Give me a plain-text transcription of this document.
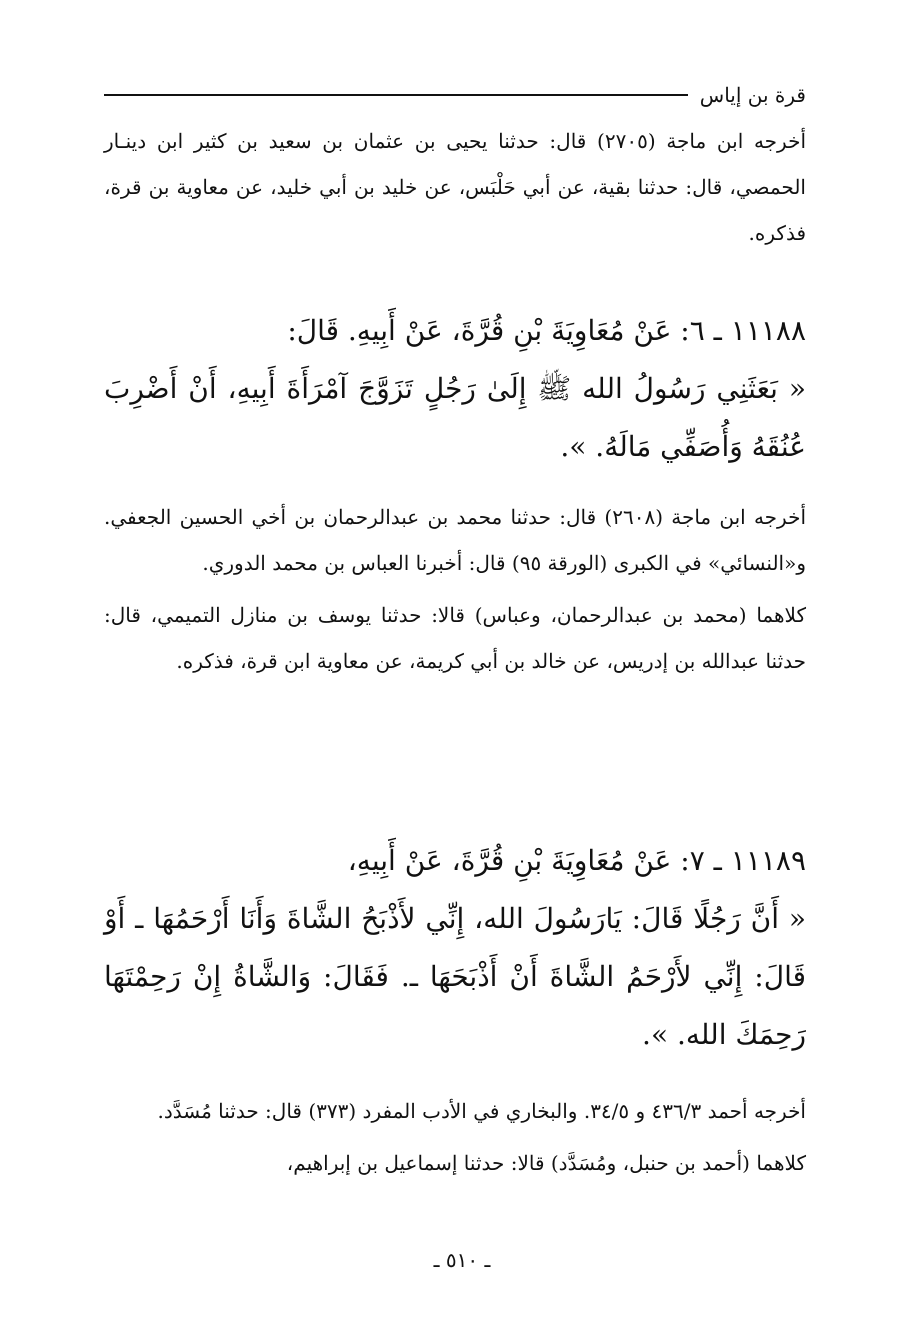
قرة بن إياس

أخرجه ابن ماجة (٢٧٠٥) قال: حدثنا يحيى بن عثمان بن سعيد بن كثير ابن دينـار الحمصي، قال: حدثنا بقية، عن أبي حَلْبَس، عن خليد بن أبي خليد، عن معاوية بن قرة، فذكره.

١١١٨٨ ـ ٦: عَنْ مُعَاوِيَةَ بْنِ قُرَّةَ، عَنْ أَبِيهِ. قَالَ:

« بَعَثَنِي رَسُولُ الله ﷺ إِلَىٰ رَجُلٍ تَزَوَّجَ آمْرَأَةَ أَبِيهِ، أَنْ أَضْرِبَ عُنُقَهُ وَأُصَفِّي مَالَهُ. ».

أخرجه ابن ماجة (٢٦٠٨) قال: حدثنا محمد بن عبدالرحمان بن أخي الحسين الجعفي. و«النسائي» في الكبرى (الورقة ٩٥) قال: أخبرنا العباس بن محمد الدوري.

كلاهما (محمد بن عبدالرحمان، وعباس) قالا: حدثنا يوسف بن منازل التميمي، قال: حدثنا عبدالله بن إدريس، عن خالد بن أبي كريمة، عن معاوية ابن قرة، فذكره.

١١١٨٩ ـ ٧: عَنْ مُعَاوِيَةَ بْنِ قُرَّةَ، عَنْ أَبِيهِ،

« أَنَّ رَجُلًا قَالَ: يَارَسُولَ الله، إِنِّي لأَذْبَحُ الشَّاةَ وَأَنَا أَرْحَمُهَا ـ أَوْ قَالَ: إِنِّي لأَرْحَمُ الشَّاةَ أَنْ أَذْبَحَهَا ـ. فَقَالَ: وَالشَّاةُ إِنْ رَحِمْتَهَا رَحِمَكَ الله. ».

أخرجه أحمد ٤٣٦/٣ و ٣٤/٥. والبخاري في الأدب المفرد (٣٧٣) قال: حدثنا مُسَدَّد.

كلاهما (أحمد بن حنبل، ومُسَدَّد) قالا: حدثنا إسماعيل بن إبراهيم،

ـ ٥١٠ ـ
